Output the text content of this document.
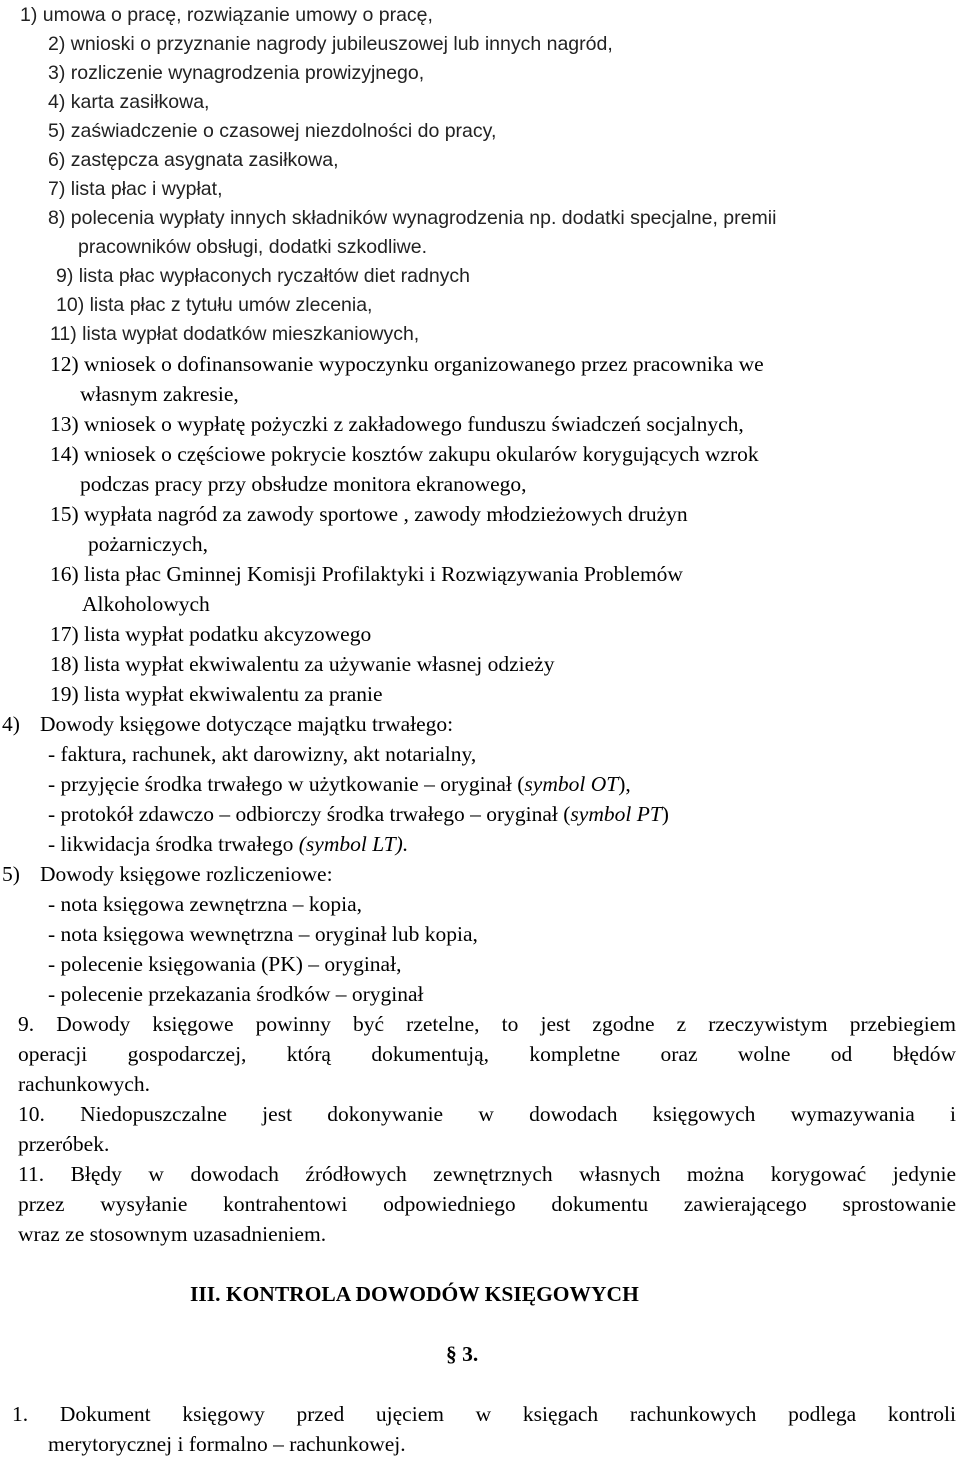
1) umowa o pracę, rozwiązanie umowy o pracę,
2) wnioski o przyznanie nagrody jubileuszowej lub innych nagród,
3) rozliczenie wynagrodzenia prowizyjnego,
4) karta zasiłkowa,
5) zaświadczenie o czasowej niezdolności do pracy,
6) zastępcza asygnata zasiłkowa,
7) lista płac i wypłat,
8) polecenia wypłaty innych składników wynagrodzenia np. dodatki specjalne, premii
pracowników obsługi, dodatki szkodliwe.
9) lista płac wypłaconych ryczałtów diet radnych
10) lista płac z tytułu umów zlecenia,
11) lista wypłat dodatków mieszkaniowych,
12) wniosek o dofinansowanie wypoczynku organizowanego przez pracownika we
własnym zakresie,
13) wniosek o wypłatę pożyczki z zakładowego funduszu świadczeń socjalnych,
14) wniosek o częściowe pokrycie kosztów zakupu okularów korygujących wzrok
podczas pracy przy obsłudze monitora ekranowego,
15) wypłata nagród za zawody sportowe , zawody młodzieżowych drużyn
pożarniczych,
16) lista płac Gminnej Komisji Profilaktyki i Rozwiązywania Problemów
Alkoholowych
17) lista wypłat podatku akcyzowego
18) lista wypłat ekwiwalentu za używanie własnej odzieży
19) lista wypłat ekwiwalentu za pranie
4) Dowody księgowe dotyczące majątku trwałego:
- faktura, rachunek, akt darowizny, akt notarialny,
- przyjęcie środka trwałego w użytkowanie – oryginał (symbol OT),
- protokół zdawczo – odbiorczy środka trwałego – oryginał (symbol PT)
- likwidacja środka trwałego (symbol LT).
5) Dowody księgowe rozliczeniowe:
- nota księgowa zewnętrzna – kopia,
- nota księgowa wewnętrzna – oryginał lub kopia,
- polecenie księgowania (PK) – oryginał,
- polecenie przekazania środków – oryginał
9. Dowody księgowe powinny być rzetelne, to jest zgodne z rzeczywistym przebiegiem
operacji gospodarczej, którą dokumentują, kompletne oraz wolne od błędów
rachunkowych.
10. Niedopuszczalne jest dokonywanie w dowodach księgowych wymazywania i
przeróbek.
11. Błędy w dowodach źródłowych zewnętrznych własnych można korygować jedynie
przez wysyłanie kontrahentowi odpowiedniego dokumentu zawierającego sprostowanie
wraz ze stosownym uzasadnieniem.
III. KONTROLA DOWODÓW KSIĘGOWYCH
§ 3.
1. Dokument księgowy przed ujęciem w księgach rachunkowych podlega kontroli
merytorycznej i formalno – rachunkowej.
